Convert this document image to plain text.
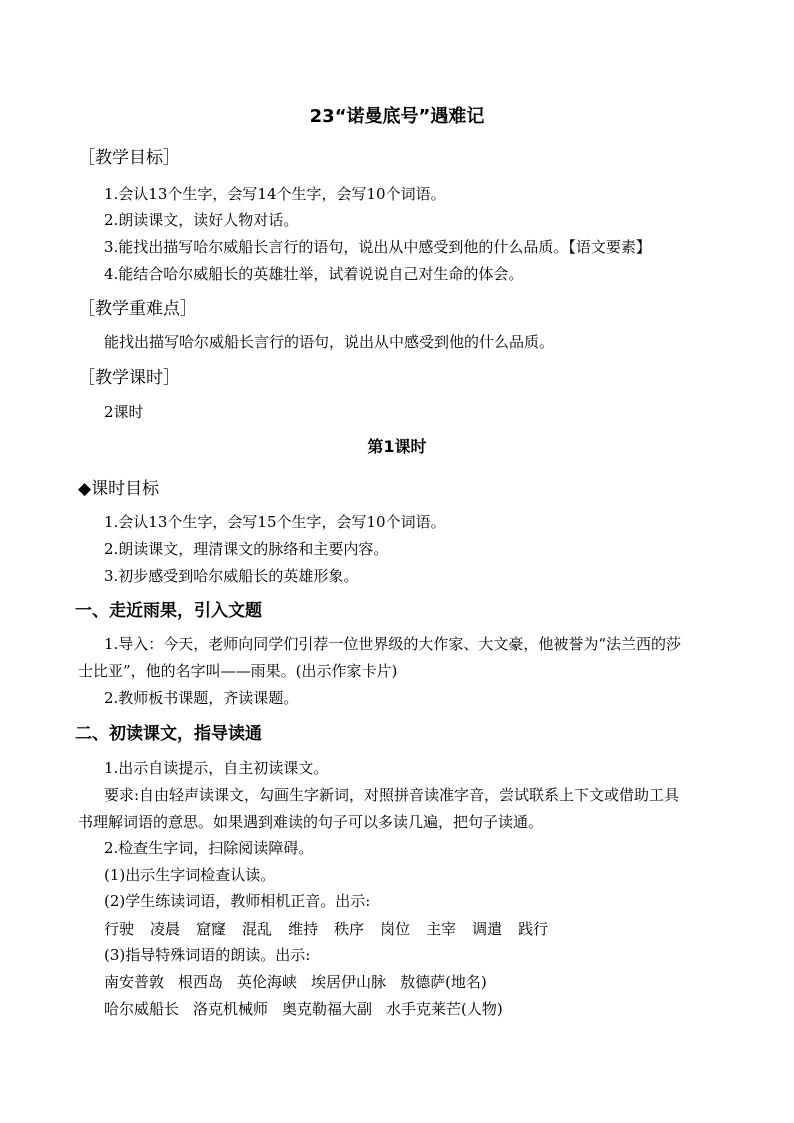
23“诺曼底号”遇难记
［教学目标］
1.会认13个生字，会写14个生字，会写10个词语。
2.朗读课文，读好人物对话。
3.能找出描写哈尔威船长言行的语句，说出从中感受到他的什么品质。【语文要素】
4.能结合哈尔威船长的英雄壮举，试着说说自己对生命的体会。
［教学重难点］
能找出描写哈尔威船长言行的语句，说出从中感受到他的什么品质。
［教学课时］
2课时
第1课时
◆课时目标
1.会认13个生字，会写15个生字，会写10个词语。
2.朗读课文，理清课文的脉络和主要内容。
3.初步感受到哈尔威船长的英雄形象。
一、走近雨果，引入文题
1.导入：今天，老师向同学们引荐一位世界级的大作家、大文豪，他被誉为“法兰西的莎
士比亚”，他的名字叫——雨果。(出示作家卡片)
2.教师板书课题，齐读课题。
二、初读课文，指导读通
1.出示自读提示，自主初读课文。
要求:自由轻声读课文，勾画生字新词，对照拼音读准字音，尝试联系上下文或借助工具
书理解词语的意思。如果遇到难读的句子可以多读几遍，把句子读通。
2.检查生字词，扫除阅读障碍。
(1)出示生字词检查认读。
(2)学生练读词语，教师相机正音。出示:
行驶 凌晨 窟窿 混乱 维持 秩序 岗位 主宰 调遣 践行
(3)指导特殊词语的朗读。出示:
南安普敦 根西岛 英伦海峡 埃居伊山脉 敖德萨(地名)
哈尔威船长 洛克机械师 奥克勒福大副 水手克莱芒(人物)
